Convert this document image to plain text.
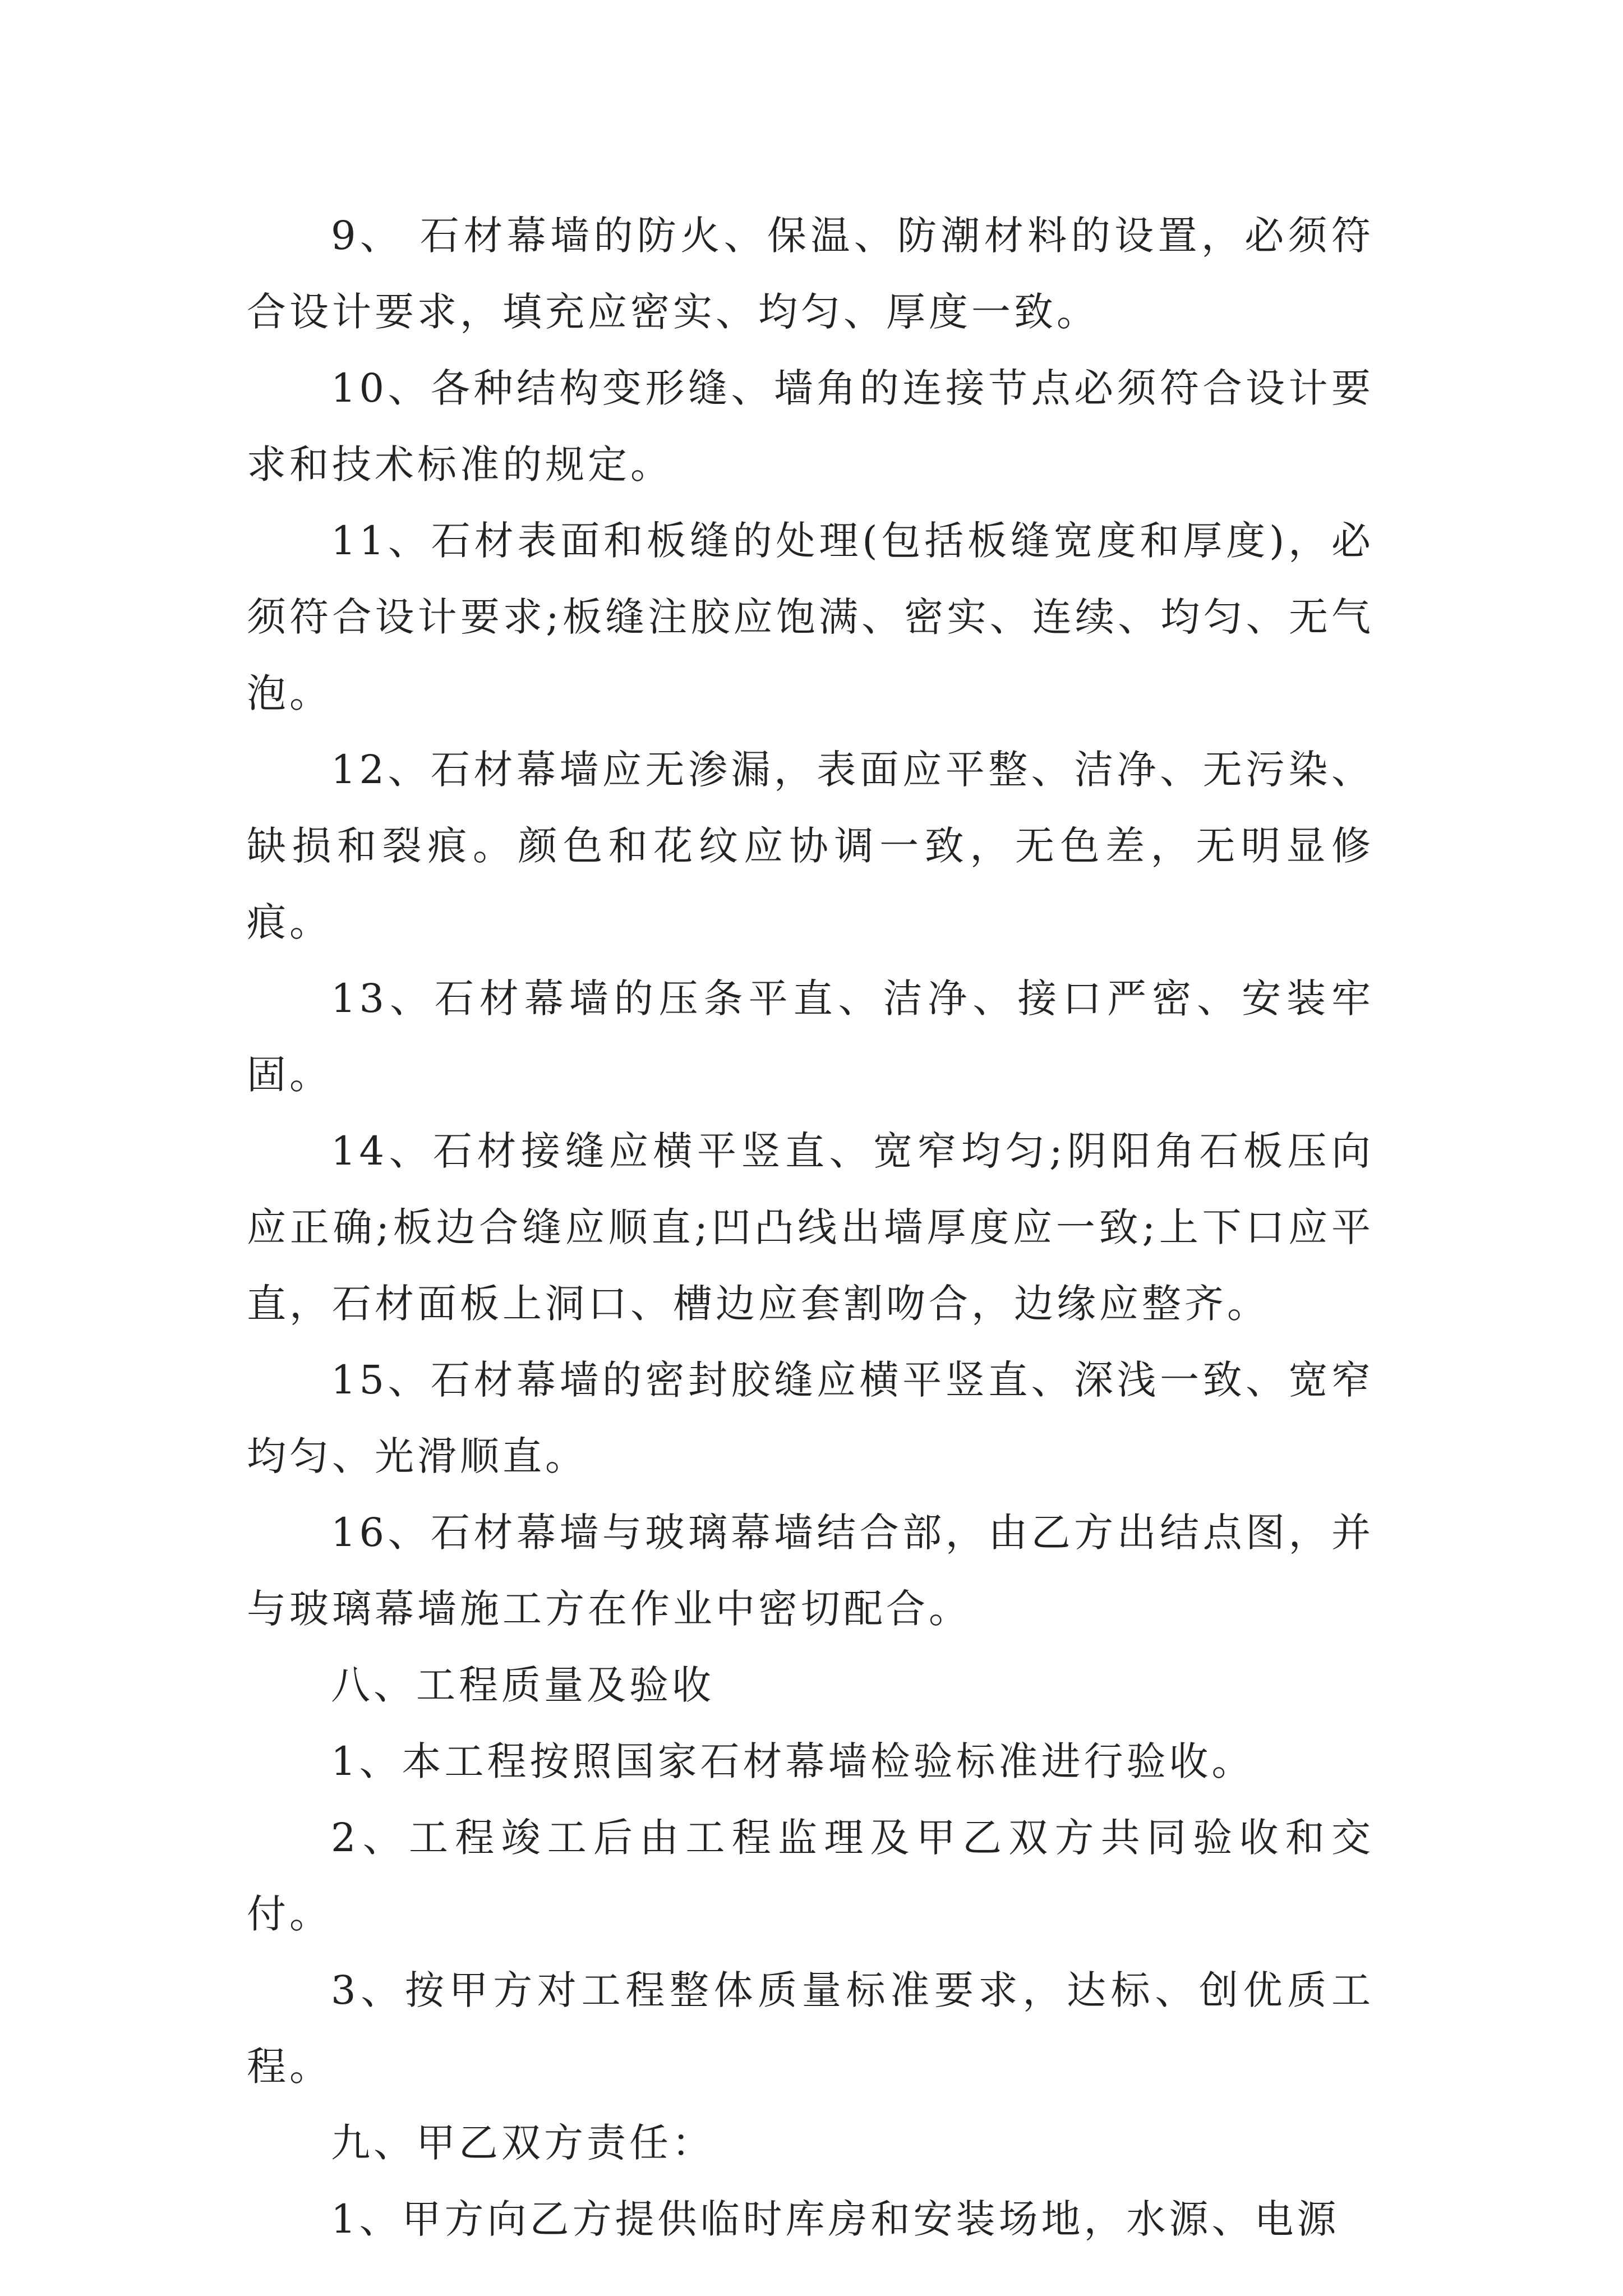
9、 石材幕墙的防火、保温、防潮材料的设置，必须符合设计要求，填充应密实、均匀、厚度一致。

10、各种结构变形缝、墙角的连接节点必须符合设计要求和技术标准的规定。

11、石材表面和板缝的处理(包括板缝宽度和厚度)，必须符合设计要求;板缝注胶应饱满、密实、连续、均匀、无气泡。

12、石材幕墙应无渗漏，表面应平整、洁净、无污染、缺损和裂痕。颜色和花纹应协调一致，无色差，无明显修痕。

13、石材幕墙的压条平直、洁净、接口严密、安装牢固。

14、石材接缝应横平竖直、宽窄均匀;阴阳角石板压向应正确;板边合缝应顺直;凹凸线出墙厚度应一致;上下口应平直，石材面板上洞口、槽边应套割吻合，边缘应整齐。

15、石材幕墙的密封胶缝应横平竖直、深浅一致、宽窄均匀、光滑顺直。

16、石材幕墙与玻璃幕墙结合部，由乙方出结点图，并与玻璃幕墙施工方在作业中密切配合。

八、工程质量及验收

1、本工程按照国家石材幕墙检验标准进行验收。

2、工程竣工后由工程监理及甲乙双方共同验收和交付。

3、按甲方对工程整体质量标准要求，达标、创优质工程。

九、甲乙双方责任：

1、甲方向乙方提供临时库房和安装场地，水源、电源
